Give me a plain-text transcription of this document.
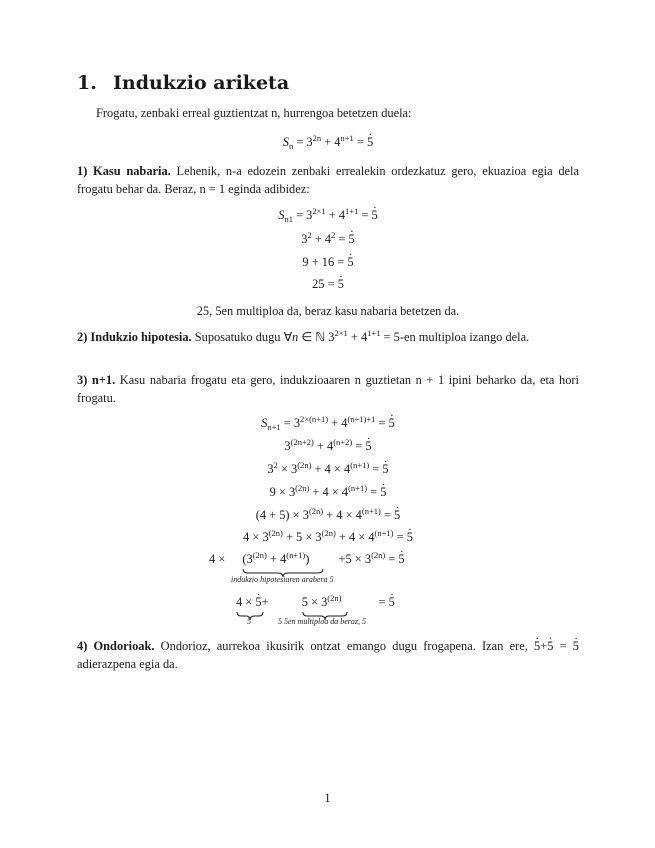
1. Indukzio ariketa
Frogatu, zenbaki erreal guztientzat n, hurrengoa betetzen duela:
$S_n = 3^{2n} + 4^{n+1} = 5$ ·
1) Kasu nabaria. Lehenik, n-a edozein zenbaki errealekin ordezkatuz gero, ekuazioa egia dela frogatu behar da. Beraz, n = 1 eginda adibidez:
$S_{n1} = 3^{2\times 1} + 4^{1+1} = 5$ ·
$3^2 + 4^2 = 5$ ·
9 + 16 = 5 ·
25 = 5 ·
25, 5en multiploa da, beraz kasu nabaria betetzen da.
2) Indukzio hipotesia. Suposatuko dugu ∀n ∈ ℕ $3^{2\times 1} + 4^{1+1} = 5-en$ multiploa izango dela.
3) n+1. Kasu nabaria frogatu eta gero, indukzioaaren n guztietan n + 1 ipini beharko da, eta hori frogatu.
$S_{n+1} = 3^{2\times(n+1)} + 4^{(n+1)+1} = 5$ ·
$3^{(2n+2)} + 4^{(n+2)} = 5$ ·
$3^2 \times 3^{(2n)} + 4 \times 4^{(n+1)} = 5$ ·
$9 \times 3^{(2n)} + 4 \times 4^{(n+1)} = 5$ ·
$(4 + 5) \times 3^{(2n)} + 4 \times 4^{(n+1)} = 5$ ·
$4 \times 3^{(2n)} + 5 \times 3^{(2n)} + 4 \times 4^{(n+1)} = 5$ ·
$4 \times (3^{(2n)} + 4^{(n+1)}) +5 \times 3^{(2n)} = 5$ ·
indukzio hipotesiaren arabera 5
4 × 5 ·
+	$5 \times 3^{(2n)}$	= 5 ·
5	5 5en multiploa da beraz, 5
4) Ondorioak. Ondorioz, aurrekoa ikusirik ontzat emango dugu frogapena. Izan ere, 5 ·+5 · = 5 · adierazpena egia da.
1
